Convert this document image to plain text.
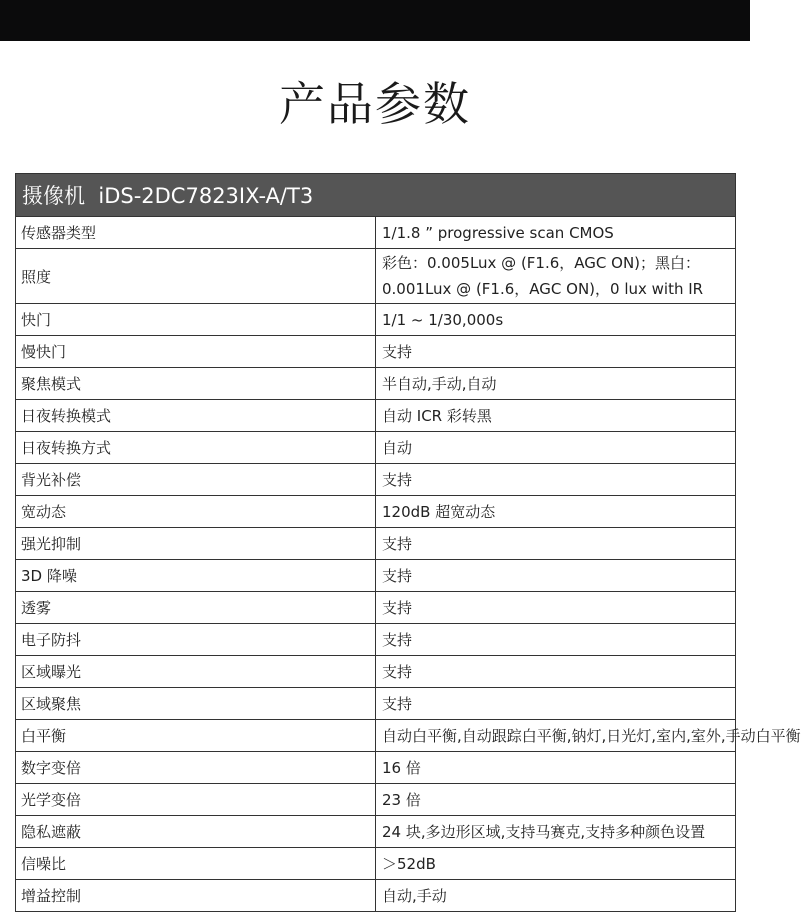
产品参数
摄像机 iDS-2DC7823IX-A/T3	
传感器类型	1/1.8 ” progressive scan CMOS
照度	彩色：0.005Lux @ (F1.6，AGC ON)；黑白：0.001Lux @ (F1.6，AGC ON)，0 lux with IR
快门	1/1 ~ 1/30,000s
慢快门	支持
聚焦模式	半自动,手动,自动
日夜转换模式	自动 ICR 彩转黑
日夜转换方式	自动
背光补偿	支持
宽动态	120dB 超宽动态
强光抑制	支持
3D 降噪	支持
透雾	支持
电子防抖	支持
区域曝光	支持
区域聚焦	支持
白平衡	自动白平衡,自动跟踪白平衡,钠灯,日光灯,室内,室外,手动白平衡
数字变倍	16 倍
光学变倍	23 倍
隐私遮蔽	24 块,多边形区域,支持马赛克,支持多种颜色设置
信噪比	＞52dB
增益控制	自动,手动
